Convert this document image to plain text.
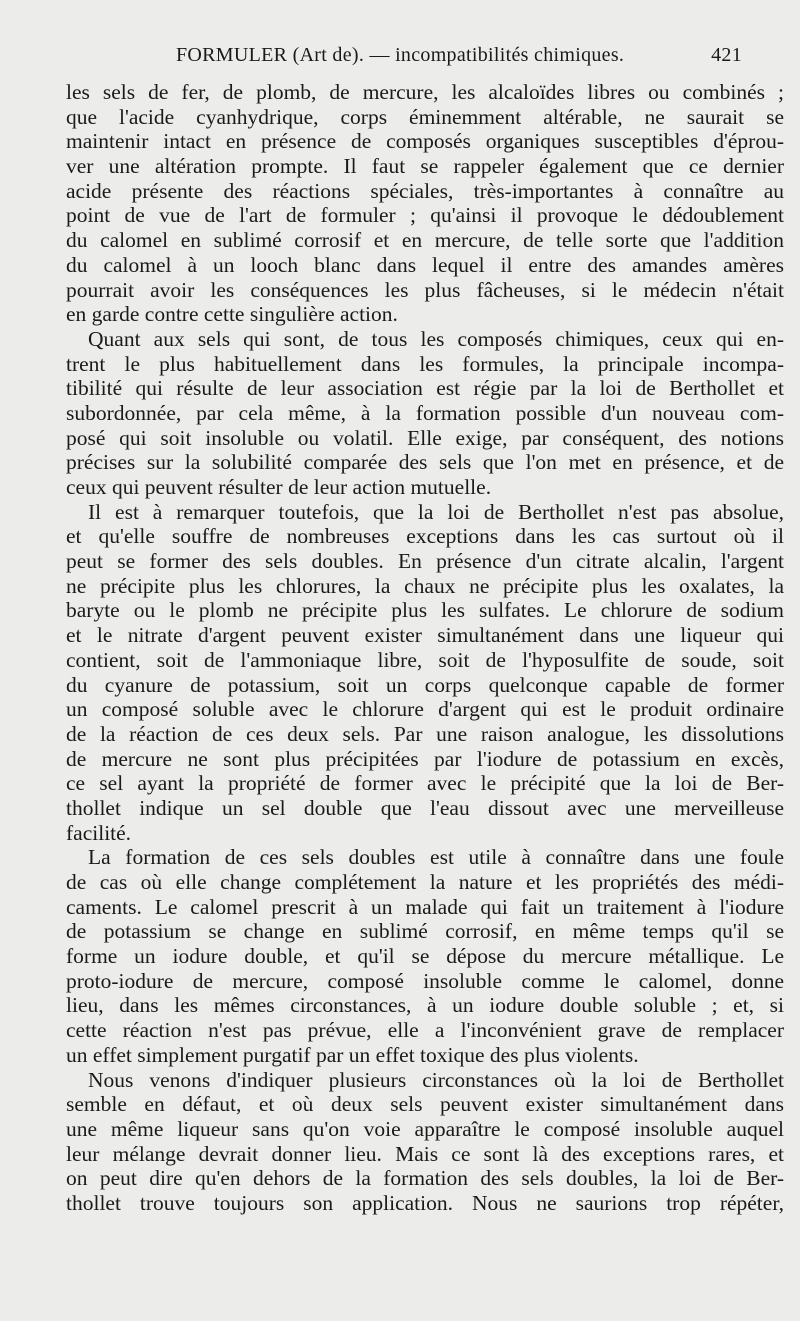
FORMULER (Art de). — incompatibilités chimiques.	421

les sels de fer, de plomb, de mercure, les alcaloïdes libres ou combinés ;
que l'acide cyanhydrique, corps éminemment altérable, ne saurait se
maintenir intact en présence de composés organiques susceptibles d'éprou-
ver une altération prompte. Il faut se rappeler également que ce dernier
acide présente des réactions spéciales, très-importantes à connaître au
point de vue de l'art de formuler ; qu'ainsi il provoque le dédoublement
du calomel en sublimé corrosif et en mercure, de telle sorte que l'addition
du calomel à un looch blanc dans lequel il entre des amandes amères
pourrait avoir les conséquences les plus fâcheuses, si le médecin n'était
en garde contre cette singulière action.

Quant aux sels qui sont, de tous les composés chimiques, ceux qui en-
trent le plus habituellement dans les formules, la principale incompa-
tibilité qui résulte de leur association est régie par la loi de Berthollet et
subordonnée, par cela même, à la formation possible d'un nouveau com-
posé qui soit insoluble ou volatil. Elle exige, par conséquent, des notions
précises sur la solubilité comparée des sels que l'on met en présence, et de
ceux qui peuvent résulter de leur action mutuelle.

Il est à remarquer toutefois, que la loi de Berthollet n'est pas absolue,
et qu'elle souffre de nombreuses exceptions dans les cas surtout où il
peut se former des sels doubles. En présence d'un citrate alcalin, l'argent
ne précipite plus les chlorures, la chaux ne précipite plus les oxalates, la
baryte ou le plomb ne précipite plus les sulfates. Le chlorure de sodium
et le nitrate d'argent peuvent exister simultanément dans une liqueur qui
contient, soit de l'ammoniaque libre, soit de l'hyposulfite de soude, soit
du cyanure de potassium, soit un corps quelconque capable de former
un composé soluble avec le chlorure d'argent qui est le produit ordinaire
de la réaction de ces deux sels. Par une raison analogue, les dissolutions
de mercure ne sont plus précipitées par l'iodure de potassium en excès,
ce sel ayant la propriété de former avec le précipité que la loi de Ber-
thollet indique un sel double que l'eau dissout avec une merveilleuse
facilité.

La formation de ces sels doubles est utile à connaître dans une foule
de cas où elle change complétement la nature et les propriétés des médi-
caments. Le calomel prescrit à un malade qui fait un traitement à l'iodure
de potassium se change en sublimé corrosif, en même temps qu'il se
forme un iodure double, et qu'il se dépose du mercure métallique. Le
proto-iodure de mercure, composé insoluble comme le calomel, donne
lieu, dans les mêmes circonstances, à un iodure double soluble ; et, si
cette réaction n'est pas prévue, elle a l'inconvénient grave de remplacer
un effet simplement purgatif par un effet toxique des plus violents.

Nous venons d'indiquer plusieurs circonstances où la loi de Berthollet
semble en défaut, et où deux sels peuvent exister simultanément dans
une même liqueur sans qu'on voie apparaître le composé insoluble auquel
leur mélange devrait donner lieu. Mais ce sont là des exceptions rares, et
on peut dire qu'en dehors de la formation des sels doubles, la loi de Ber-
thollet trouve toujours son application. Nous ne saurions trop répéter,
